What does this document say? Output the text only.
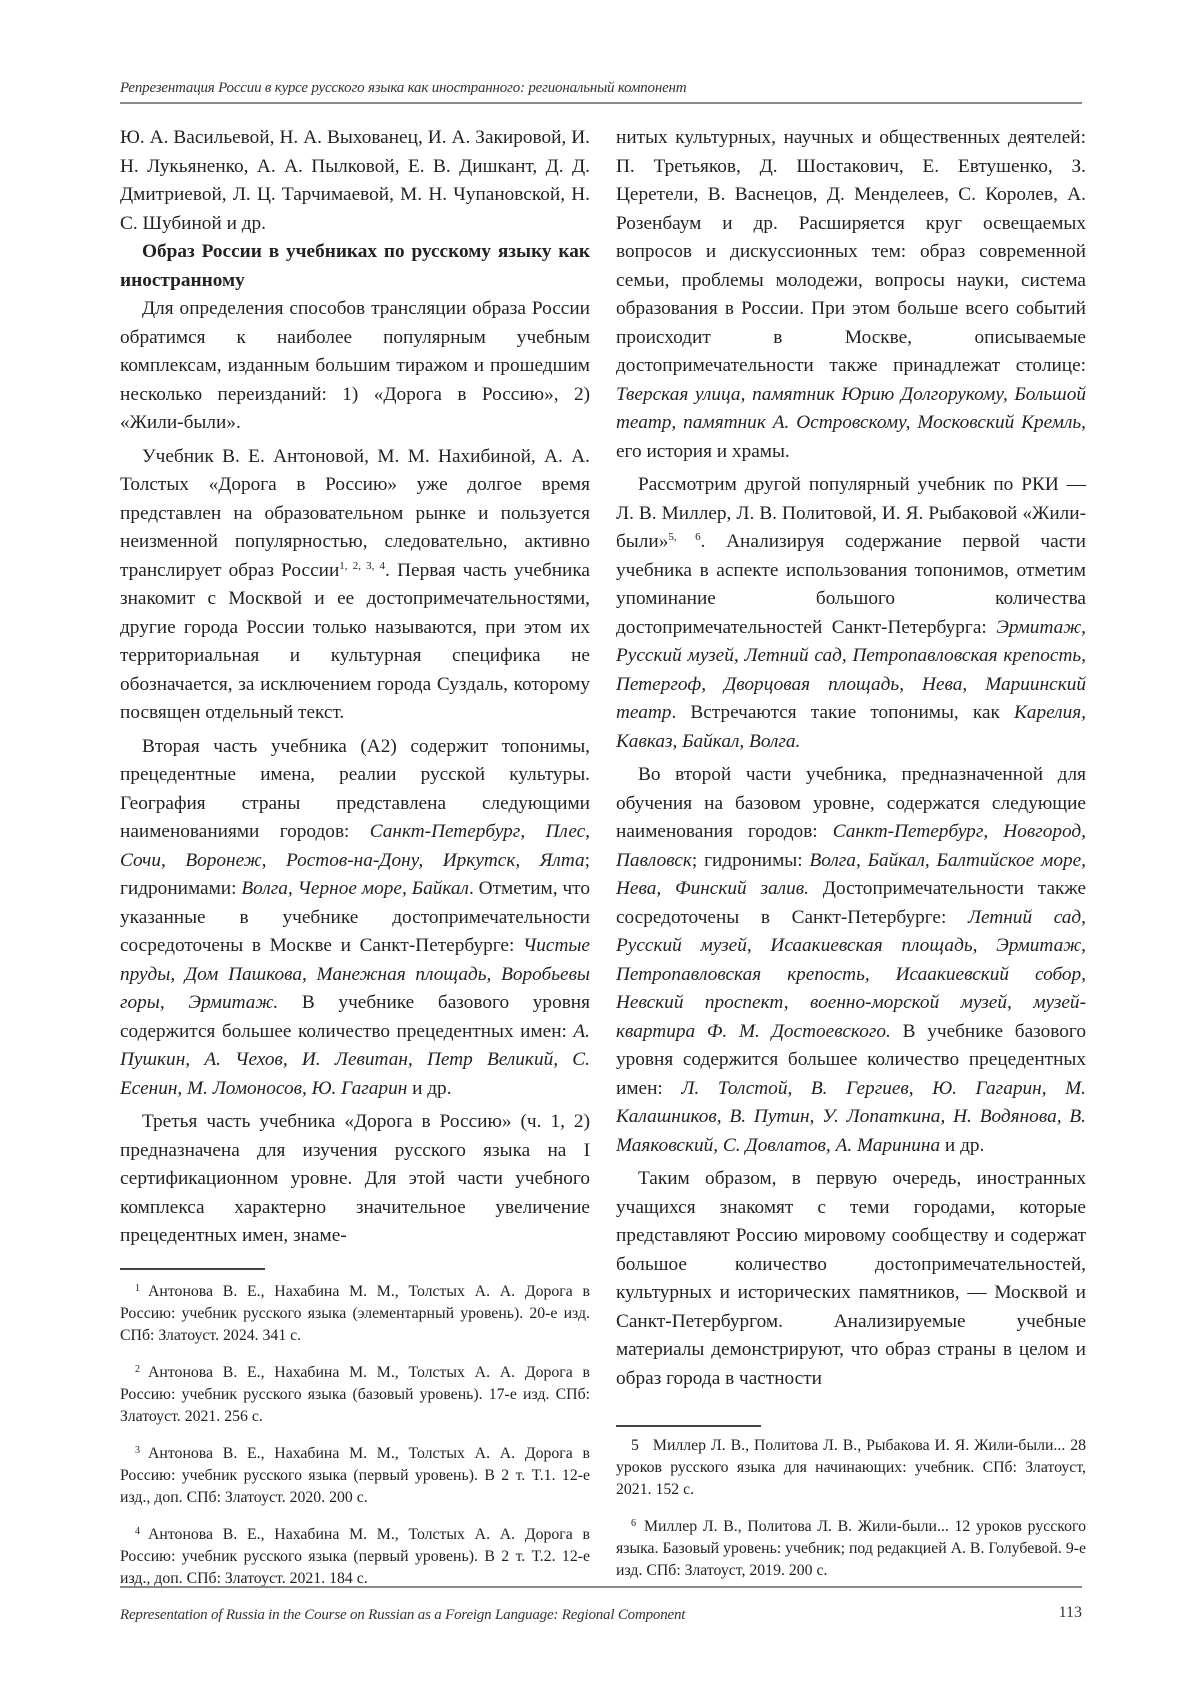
Репрезентация России в курсе русского языка как иностранного: региональный компонент

Ю. А. Васильевой, Н. А. Выхованец, И. А. Закировой, И. Н. Лукьяненко, А. А. Пылковой, Е. В. Дишкант, Д. Д. Дмитриевой, Л. Ц. Тарчимаевой, М. Н. Чупановской, Н. С. Шубиной и др.

Образ России в учебниках по русскому языку как иностранному

Для определения способов трансляции образа России обратимся к наиболее популярным учебным комплексам, изданным большим тиражом и прошедшим несколько переизданий: 1) «Дорога в Россию», 2) «Жили-были».

Учебник В. Е. Антоновой, М. М. Нахибиной, А. А. Толстых «Дорога в Россию» уже долгое время представлен на образовательном рынке и пользуется неизменной популярностью, следовательно, активно транслирует образ России$^{1, 2, 3, 4}$. Первая часть учебника знакомит с Москвой и ее достопримечательностями, другие города России только называются, при этом их территориальная и культурная специфика не обозначается, за исключением города Суздаль, которому посвящен отдельный текст.

Вторая часть учебника (А2) содержит топонимы, прецедентные имена, реалии русской культуры. География страны представлена следующими наименованиями городов: Санкт-Петербург, Плес, Сочи, Воронеж, Ростов-на-Дону, Иркутск, Ялта; гидронимами: Волга, Черное море, Байкал. Отметим, что указанные в учебнике достопримечательности сосредоточены в Москве и Санкт-Петербурге: Чистые пруды, Дом Пашкова, Манежная площадь, Воробьевы горы, Эрмитаж. В учебнике базового уровня содержится большее количество прецедентных имен: А. Пушкин, А. Чехов, И. Левитан, Петр Великий, С. Есенин, М. Ломоносов, Ю. Гагарин и др.

Третья часть учебника «Дорога в Россию» (ч. 1, 2) предназначена для изучения русского языка на I сертификационном уровне. Для этой части учебного комплекса характерно значительное увеличение прецедентных имен, знаме-

нитых культурных, научных и общественных деятелей: П. Третьяков, Д. Шостакович, Е. Евтушенко, З. Церетели, В. Васнецов, Д. Менделеев, С. Королев, А. Розенбаум и др. Расширяется круг освещаемых вопросов и дискуссионных тем: образ современной семьи, проблемы молодежи, вопросы науки, система образования в России. При этом больше всего событий происходит в Москве, описываемые достопримечательности также принадлежат столице: Тверская улица, памятник Юрию Долгорукому, Большой театр, памятник А. Островскому, Московский Кремль, его история и храмы.

Рассмотрим другой популярный учебник по РКИ — Л. В. Миллер, Л. В. Политовой, И. Я. Рыбаковой «Жили-были»$^{5, 6}$. Анализируя содержание первой части учебника в аспекте использования топонимов, отметим упоминание большого количества достопримечательностей Санкт-Петербурга: Эрмитаж, Русский музей, Летний сад, Петропавловская крепость, Петергоф, Дворцовая площадь, Нева, Мариинский театр. Встречаются такие топонимы, как Карелия, Кавказ, Байкал, Волга.

Во второй части учебника, предназначенной для обучения на базовом уровне, содержатся следующие наименования городов: Санкт-Петербург, Новгород, Павловск; гидронимы: Волга, Байкал, Балтийское море, Нева, Финский залив. Достопримечательности также сосредоточены в Санкт-Петербурге: Летний сад, Русский музей, Исаакиевская площадь, Эрмитаж, Петропавловская крепость, Исаакиевский собор, Невский проспект, военно-морской музей, музей-квартира Ф. М. Достоевского. В учебнике базового уровня содержится большее количество прецедентных имен: Л. Толстой, В. Гергиев, Ю. Гагарин, М. Калашников, В. Путин, У. Лопаткина, Н. Водянова, В. Маяковский, С. Довлатов, А. Маринина и др.

Таким образом, в первую очередь, иностранных учащихся знакомят с теми городами, которые представляют Россию мировому сообществу и содержат большое количество достопримечательностей, культурных и исторических памятников, — Москвой и Санкт-Петербургом. Анализируемые учебные материалы демонстрируют, что образ страны в целом и образ города в частности

$^1$ Антонова В. Е., Нахабина М. М., Толстых А. А. Дорога в Россию: учебник русского языка (элементарный уровень). 20-е изд. СПб: Златоуст. 2024. 341 с.

$^2$ Антонова В. Е., Нахабина М. М., Толстых А. А. Дорога в Россию: учебник русского языка (базовый уровень). 17-е изд. СПб: Златоуст. 2021. 256 с.

$^3$ Антонова В. Е., Нахабина М. М., Толстых А. А. Дорога в Россию: учебник русского языка (первый уровень). В 2 т. Т.1. 12-е изд., доп. СПб: Златоуст. 2020. 200 с.

$^4$ Антонова В. Е., Нахабина М. М., Толстых А. А. Дорога в Россию: учебник русского языка (первый уровень). В 2 т. Т.2. 12-е изд., доп. СПб: Златоуст. 2021. 184 с.

5 Миллер Л. В., Политова Л. В., Рыбакова И. Я. Жили-были... 28 уроков русского языка для начинающих: учебник. СПб: Златоуст, 2021. 152 с.

$^6$ Миллер Л. В., Политова Л. В. Жили-были... 12 уроков русского языка. Базовый уровень: учебник; под редакцией А. В. Голубевой. 9-е изд. СПб: Златоуст, 2019. 200 с.

Representation of Russia in the Course on Russian as a Foreign Language: Regional Component	113
